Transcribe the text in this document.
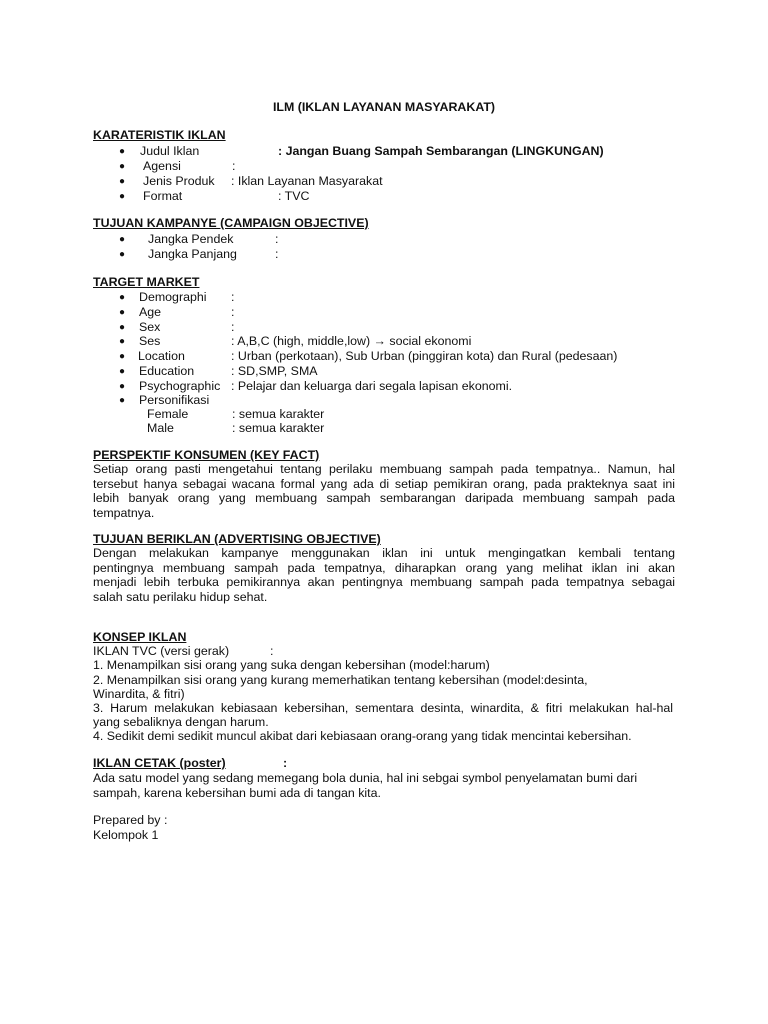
ILM (IKLAN LAYANAN MASYARAKAT)
KARATERISTIK IKLAN
● Judul Iklan	: Jangan Buang Sampah Sembarangan (LINGKUNGAN)
● Agensi	:
● Jenis Produk : Iklan Layanan Masyarakat
● Format	: TVC
TUJUAN KAMPANYE (CAMPAIGN OBJECTIVE)
● Jangka Pendek	:
● Jangka Panjang	:
TARGET MARKET
● Demographi :
● Age	:
● Sex	:
● Ses	: A,B,C (high, middle,low) → social ekonomi
● Location	: Urban (perkotaan), Sub Urban (pinggiran kota) dan Rural (pedesaan)
● Education	: SD,SMP, SMA
● Psychographic : Pelajar dan keluarga dari segala lapisan ekonomi.
● Personifikasi
Female	: semua karakter
Male	: semua karakter
PERSPEKTIF KONSUMEN (KEY FACT)
Setiap orang pasti mengetahui tentang perilaku membuang sampah pada tempatnya.. Namun, hal
tersebut hanya sebagai wacana formal yang ada di setiap pemikiran orang, pada prakteknya saat ini
lebih banyak orang yang membuang sampah sembarangan daripada membuang sampah pada
tempatnya.
TUJUAN BERIKLAN (ADVERTISING OBJECTIVE)
Dengan melakukan kampanye menggunakan iklan ini untuk mengingatkan kembali tentang
pentingnya membuang sampah pada tempatnya, diharapkan orang yang melihat iklan ini akan
menjadi lebih terbuka pemikirannya akan pentingnya membuang sampah pada tempatnya sebagai
salah satu perilaku hidup sehat.
KONSEP IKLAN
IKLAN TVC (versi gerak)	:
1. Menampilkan sisi orang yang suka dengan kebersihan (model:harum)
2. Menampilkan sisi orang yang kurang memerhatikan tentang kebersihan (model:desinta,
Winardita, & fitri)
3. Harum melakukan kebiasaan kebersihan, sementara desinta, winardita, & fitri melakukan hal-hal
yang sebaliknya dengan harum.
4. Sedikit demi sedikit muncul akibat dari kebiasaan orang-orang yang tidak mencintai kebersihan.
IKLAN CETAK (poster)	:
Ada satu model yang sedang memegang bola dunia, hal ini sebgai symbol penyelamatan bumi dari
sampah, karena kebersihan bumi ada di tangan kita.
Prepared by :
Kelompok 1
